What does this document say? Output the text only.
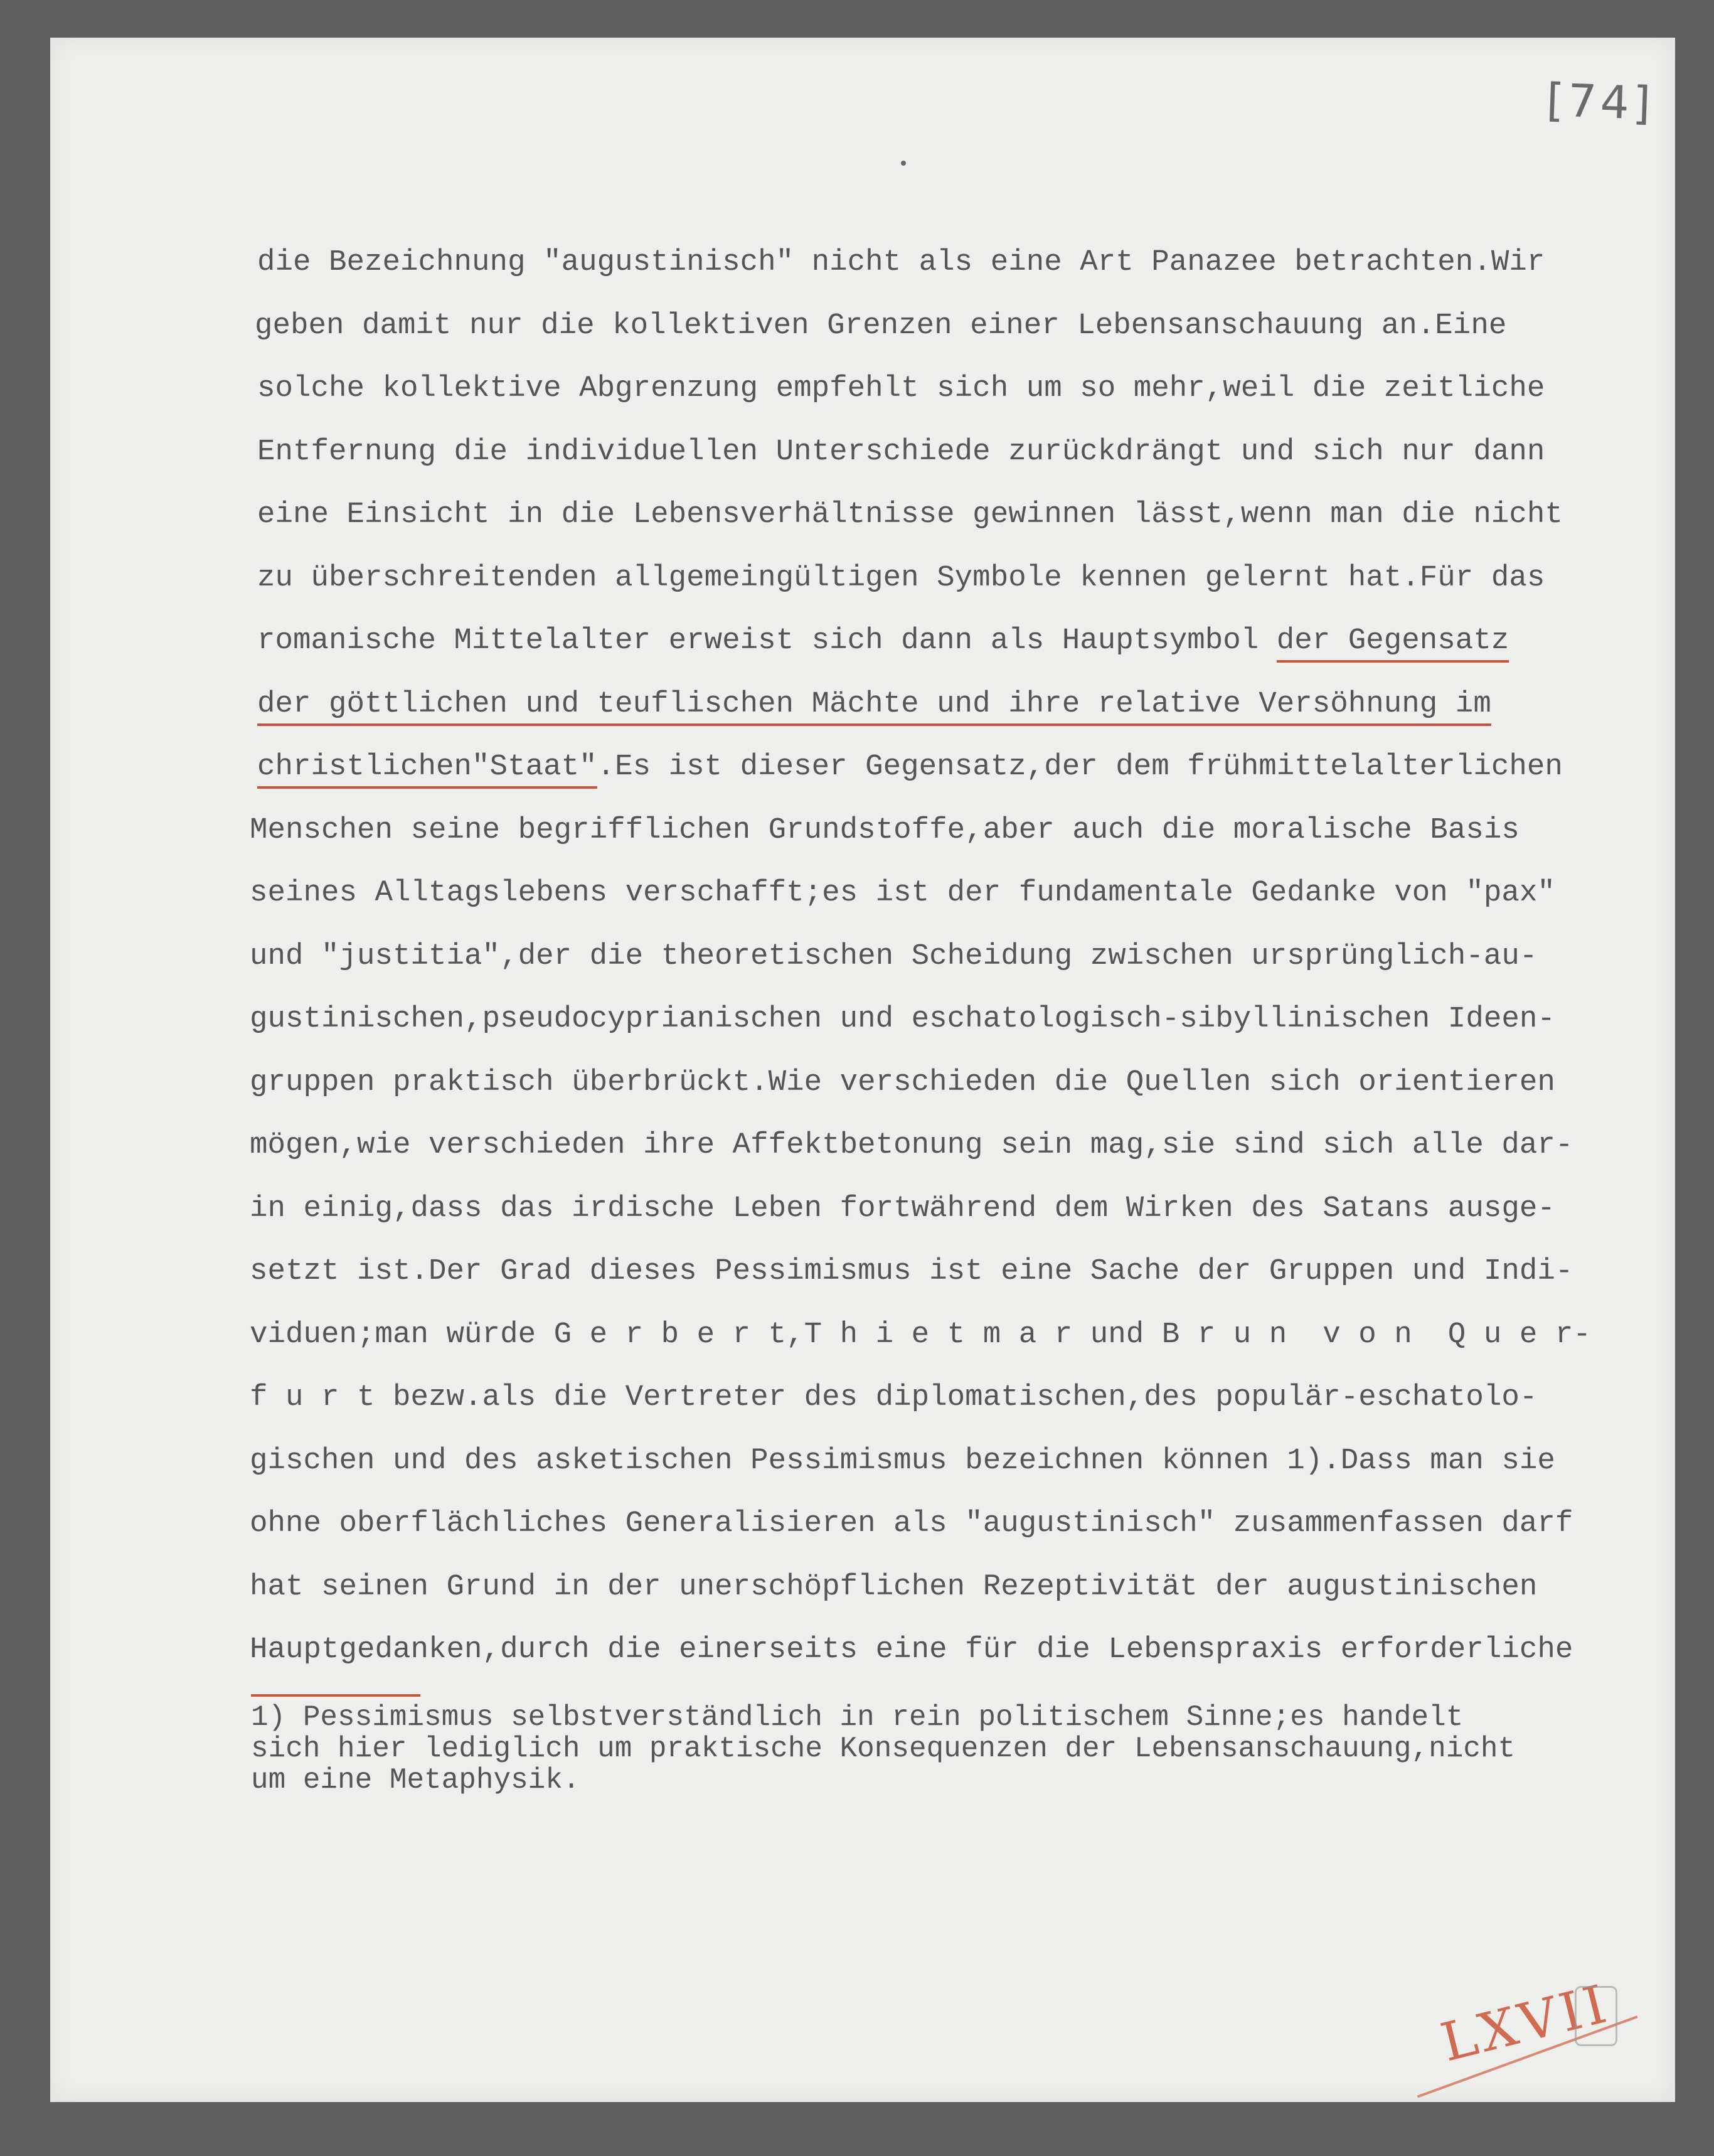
[74]
die Bezeichnung "augustinisch" nicht als eine Art Panazee betrachten.Wir
geben damit nur die kollektiven Grenzen einer Lebensanschauung an.Eine
solche kollektive Abgrenzung empfehlt sich um so mehr,weil die zeitliche
Entfernung die individuellen Unterschiede zurückdrängt und sich nur dann
eine Einsicht in die Lebensverhältnisse gewinnen lässt,wenn man die nicht
zu überschreitenden allgemeingültigen Symbole kennen gelernt hat.Für das
romanische Mittelalter erweist sich dann als Hauptsymbol der Gegensatz
der göttlichen und teuflischen Mächte und ihre relative Versöhnung im
christlichen"Staat".Es ist dieser Gegensatz,der dem frühmittelalterlichen
Menschen seine begrifflichen Grundstoffe,aber auch die moralische Basis
seines Alltagslebens verschafft;es ist der fundamentale Gedanke von "pax"
und "justitia",der die theoretischen Scheidung zwischen ursprünglich-au-
gustinischen,pseudocyprianischen und eschatologisch-sibyllinischen Ideen-
gruppen praktisch überbrückt.Wie verschieden die Quellen sich orientieren
mögen,wie verschieden ihre Affektbetonung sein mag,sie sind sich alle dar-
in einig,dass das irdische Leben fortwährend dem Wirken des Satans ausge-
setzt ist.Der Grad dieses Pessimismus ist eine Sache der Gruppen und Indi-
viduen;man würde G e r b e r t,T h i e t m a r und B r u n  v o n  Q u e r-
f u r t bezw.als die Vertreter des diplomatischen,des populär-eschatolo-
gischen und des asketischen Pessimismus bezeichnen können 1).Dass man sie
ohne oberflächliches Generalisieren als "augustinisch" zusammenfassen darf
hat seinen Grund in der unerschöpflichen Rezeptivität der augustinischen
Hauptgedanken,durch die einerseits eine für die Lebenspraxis erforderliche
1) Pessimismus selbstverständlich in rein politischem Sinne;es handelt
sich hier lediglich um praktische Konsequenzen der Lebensanschauung,nicht
um eine Metaphysik.
LXVII
